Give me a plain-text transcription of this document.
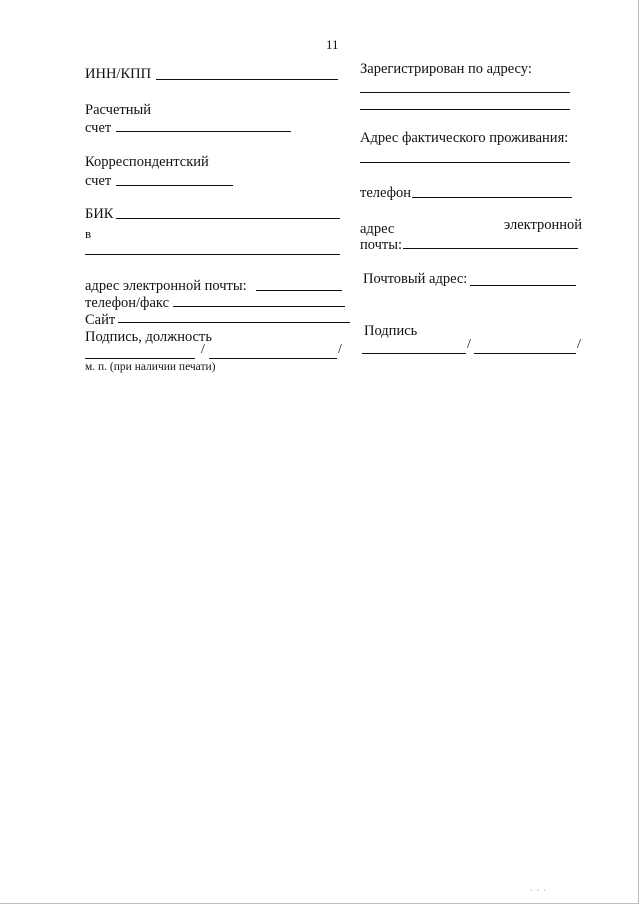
11
ИНН/КПП
Расчетный
счет
Корреспондентский
счет
БИК
в
адрес электронной почты:
телефон/факс
Сайт
Подпись, должность
/	/
м. п. (при наличии печати)
Зарегистрирован по адресу:
Адрес фактического проживания:
телефон
адрес	электронной
почты:
Почтовый адрес:
Подпись
/	/
· · ·
